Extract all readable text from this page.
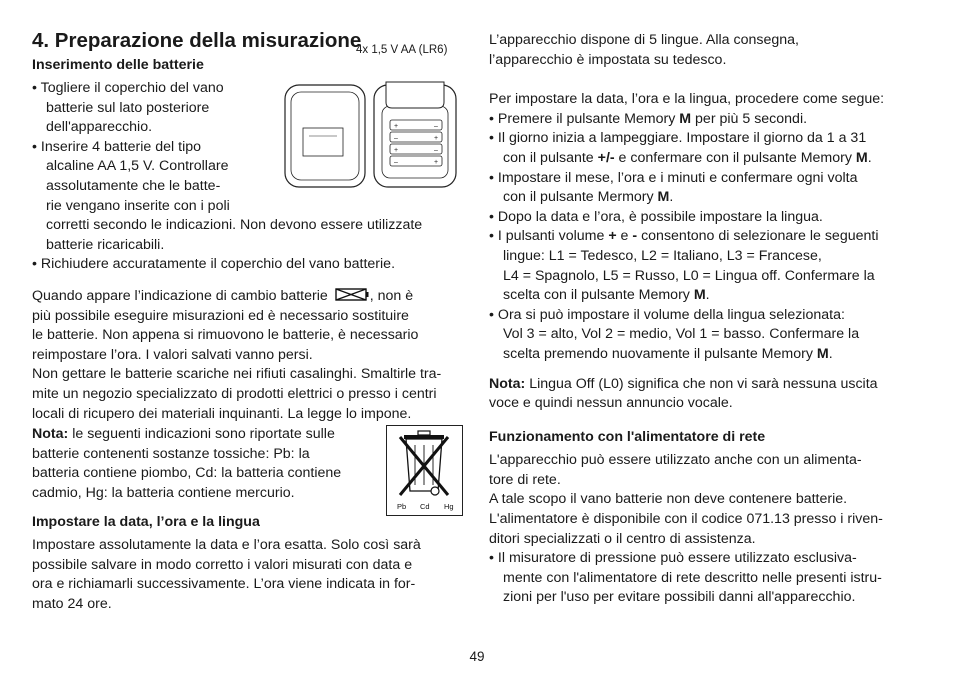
4. Preparazione della misurazione
4x 1,5 V AA (LR6)
Inserimento delle batterie
• Togliere il coperchio del vano
batterie sul lato posteriore
dell'apparecchio.
• Inserire 4 batterie del tipo
alcaline AA 1,5 V. Controllare
assolutamente che le batte-
rie vengano inserite con i poli
corretti secondo le indicazioni. Non devono essere utilizzate
batterie ricaricabili.
• Richiudere accuratamente il coperchio del vano batterie.
+	–
–	+
+	–
–	+
Quando appare l’indicazione di cambio batterie	, non è
più possibile eseguire misurazioni ed è necessario sostituire
le batterie. Non appena si rimuovono le batterie, è necessario
reimpostare l’ora. I valori salvati vanno persi.
Non gettare le batterie scariche nei rifiuti casalinghi. Smaltirle tra-
mite un negozio specializzato di prodotti elettrici o presso i centri
locali di ricupero dei materiali inquinanti. La legge lo impone.
Nota: le seguenti indicazioni sono riportate sulle
batterie contenenti sostanze tossiche: Pb: la
batteria contiene piombo, Cd: la batteria contiene
cadmio, Hg: la batteria contiene mercurio.
Pb Cd Hg
Impostare la data, l’ora e la lingua
Impostare assolutamente la data e l’ora esatta. Solo così sarà
possibile salvare in modo corretto i valori misurati con data e
ora e richiamarli successivamente. L’ora viene indicata in for-
mato 24 ore.
L’apparecchio dispone di 5 lingue. Alla consegna,
l’apparecchio è impostata su tedesco.
Per impostare la data, l’ora e la lingua, procedere come segue:
• Premere il pulsante Memory M per più 5 secondi.
• Il giorno inizia a lampeggiare. Impostare il giorno da 1 a 31
con il pulsante +/- e confermare con il pulsante Memory M.
• Impostare il mese, l’ora e i minuti e confermare ogni volta
con il pulsante Mermory M.
• Dopo la data e l’ora, è possibile impostare la lingua.
• I pulsanti volume + e - consentono di selezionare le seguenti
lingue: L1 = Tedesco, L2 = Italiano, L3 = Francese,
L4 = Spagnolo, L5 = Russo, L0 = Lingua off. Confermare la
scelta con il pulsante Memory M.
• Ora si può impostare il volume della lingua selezionata:
Vol 3 = alto, Vol 2 = medio, Vol 1 = basso. Confermare la
scelta premendo nuovamente il pulsante Memory M.
Nota: Lingua Off (L0) significa che non vi sarà nessuna uscita
voce e quindi nessun annuncio vocale.
Funzionamento con l'alimentatore di rete
L'apparecchio può essere utilizzato anche con un alimenta-
tore di rete.
A tale scopo il vano batterie non deve contenere batterie.
L'alimentatore è disponibile con il codice 071.13 presso i riven-
ditori specializzati o il centro di assistenza.
• Il misuratore di pressione può essere utilizzato esclusiva-
mente con l'alimentatore di rete descritto nelle presenti istru-
zioni per l'uso per evitare possibili danni all'apparecchio.
49
